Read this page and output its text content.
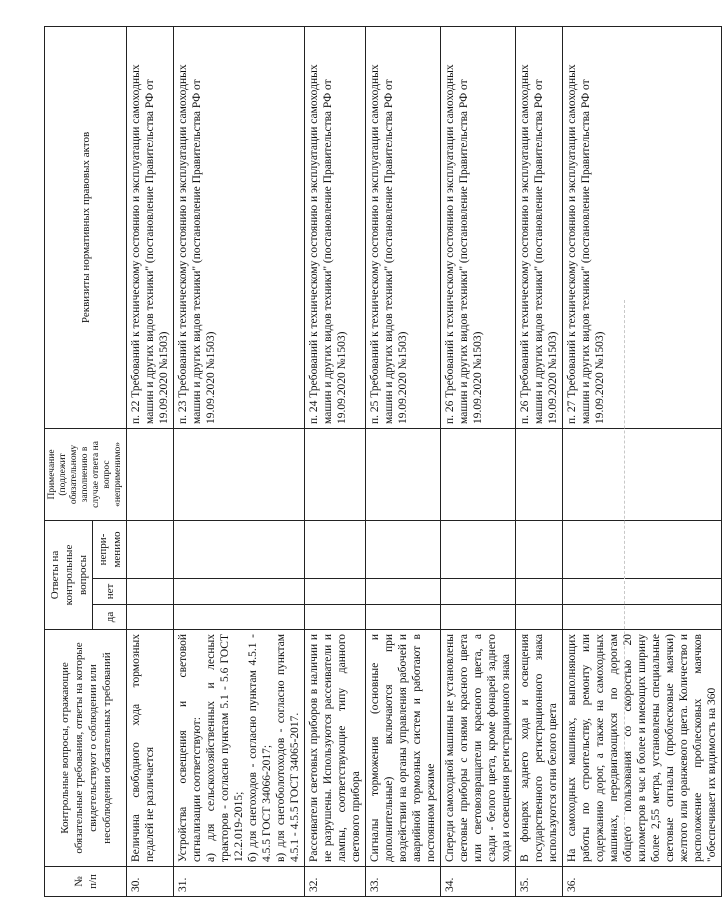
№ п/п	Контрольные вопросы, отражающие обязательные требования, ответы на которые свидетельствуют о соблюдении или несоблюдении обязательных требований	Ответы на контрольные вопросы			Примечание (подлежит обязательному заполнению в случае ответа на вопрос «неприменимо»	Реквизиты нормативных правовых актов
		да	нет	непри-менимо		
30.	Величина свободного хода тормозных педалей не различается					п. 22 Требований к техническому состоянию и эксплуатации самоходных машин и других видов техники" (постановление Правительства РФ от 19.09.2020 №1503)
31.	Устройства освещения и световой сигнализации соответствуют:
а) для сельскохозяйственных и лесных тракторов - согласно пунктам 5.1 - 5.6 ГОСТ 12.2.019-2015;
б) для снегоходов - согласно пунктам 4.5.1 - 4.5.5 ГОСТ 34066-2017;
в) для снегоболотоходов - согласно пунктам 4.5.1 - 4.5.5 ГОСТ 34065-2017.					п. 23 Требований к техническому состоянию и эксплуатации самоходных машин и других видов техники" (постановление Правительства РФ от 19.09.2020 №1503)
32.	Рассеиватели световых приборов в наличии и не разрушены. Используются рассеиватели и лампы, соответствующие типу данного светового прибора					п. 24 Требований к техническому состоянию и эксплуатации самоходных машин и других видов техники" (постановление Правительства РФ от 19.09.2020 №1503)
33.	Сигналы торможения (основные и дополнительные) включаются при воздействии на органы управления рабочей и аварийной тормозных систем и работают в постоянном режиме					п. 25 Требований к техническому состоянию и эксплуатации самоходных машин и других видов техники" (постановление Правительства РФ от 19.09.2020 №1503)
34.	Спереди самоходной машины не установлены световые приборы с огнями красного цвета или световозвращатели красного цвета, а сзади - белого цвета, кроме фонарей заднего хода и освещения регистрационного знака					п. 26 Требований к техническому состоянию и эксплуатации самоходных машин и других видов техники" (постановление Правительства РФ от 19.09.2020 №1503)
35.	В фонарях заднего хода и освещения государственного регистрационного знака используются огни белого цвета					п. 26 Требований к техническому состоянию и эксплуатации самоходных машин и других видов техники" (постановление Правительства РФ от 19.09.2020 №1503)
36.	На самоходных машинах, выполняющих работы по строительству, ремонту или содержанию дорог, а также на самоходных машинах, передвигающихся по дорогам общего пользования со скоростью 20 километров в час и более и имеющих ширину более 2,55 метра, установлены специальные световые сигналы (проблесковые маячки) желтого или оранжевого цвета. Количество и расположение проблесковых маячков "обеспечивает их видимость на 360					п. 27 Требований к техническому состоянию и эксплуатации самоходных машин и других видов техники" (постановление Правительства РФ от 19.09.2020 №1503)
